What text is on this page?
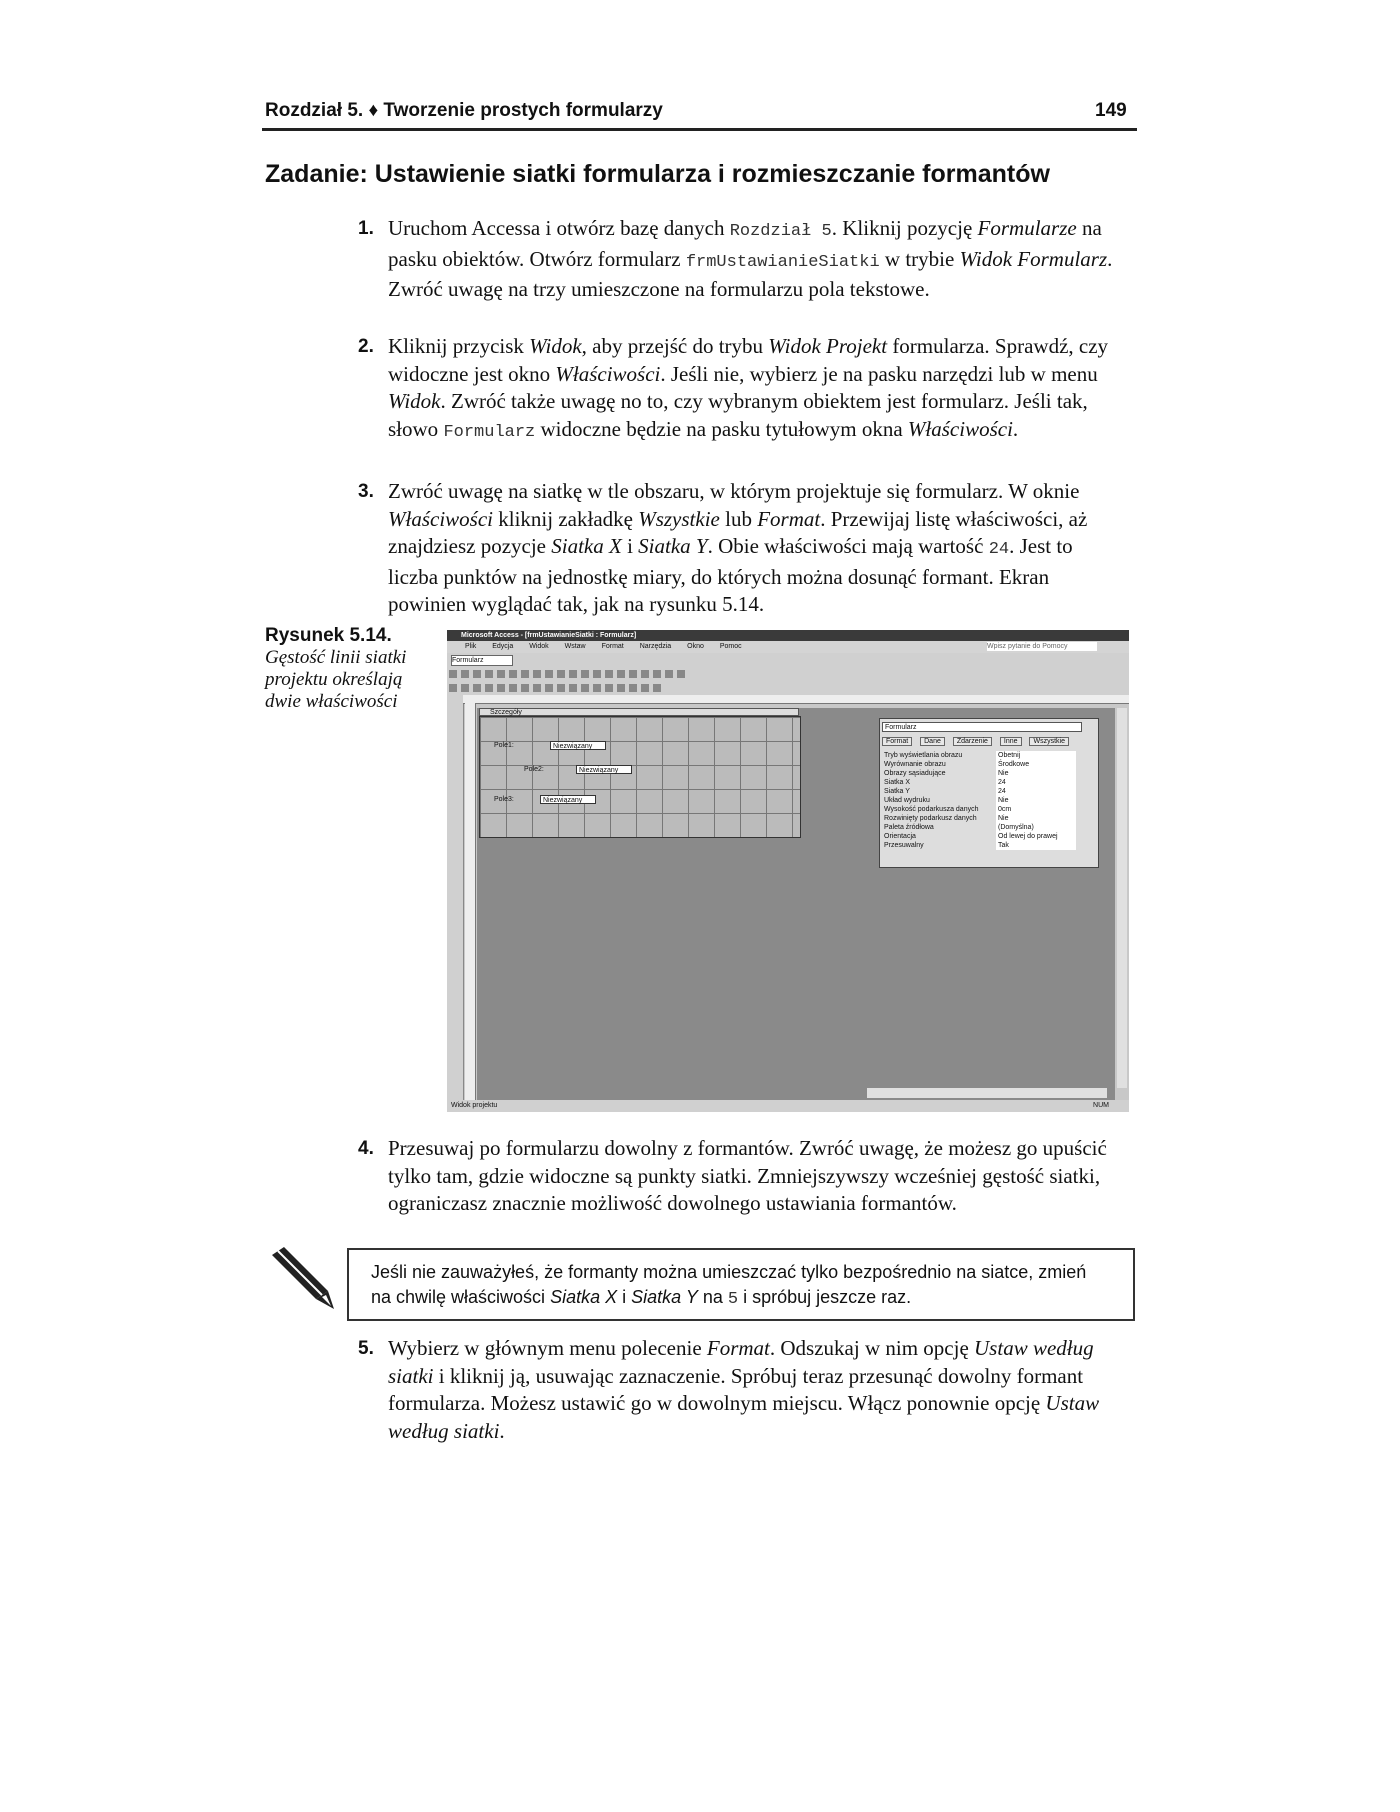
Rozdział 5. ♦ Tworzenie prostych formularzy	149
Zadanie: Ustawienie siatki formularza i rozmieszczanie formantów
1. Uruchom Accessa i otwórz bazę danych Rozdział 5. Kliknij pozycję Formularze na pasku obiektów. Otwórz formularz frmUstawianieSiatki w trybie Widok Formularz. Zwróć uwagę na trzy umieszczone na formularzu pola tekstowe.
2. Kliknij przycisk Widok, aby przejść do trybu Widok Projekt formularza. Sprawdź, czy widoczne jest okno Właściwości. Jeśli nie, wybierz je na pasku narzędzi lub w menu Widok. Zwróć także uwagę no to, czy wybranym obiektem jest formularz. Jeśli tak, słowo Formularz widoczne będzie na pasku tytułowym okna Właściwości.
3. Zwróć uwagę na siatkę w tle obszaru, w którym projektuje się formularz. W oknie Właściwości kliknij zakładkę Wszystkie lub Format. Przewijaj listę właściwości, aż znajdziesz pozycje Siatka X i Siatka Y. Obie właściwości mają wartość 24. Jest to liczba punktów na jednostkę miary, do których można dosunąć formant. Ekran powinien wyglądać tak, jak na rysunku 5.14.
Rysunek 5.14.
Gęstość linii siatki projektu określają dwie właściwości
Microsoft Access - [frmUstawianieSiatki : Formularz]
Plik Edycja Widok Wstaw Format Narzędzia Okno Pomoc	Wpisz pytanie do Pomocy
Formularz
Szczegóły
Pole1:	Niezwiązany
Pole2:	Niezwiązany
Pole3:	Niezwiązany
Formularz
Format Dane Zdarzenie Inne Wszystkie
Tryb wyświetlania obrazu	Obetnij
Wyrównanie obrazu	Środkowe
Obrazy sąsiadujące	Nie
Siatka X	24
Siatka Y	24
Układ wydruku	Nie
Wysokość podarkusza danych	0cm
Rozwinięty podarkusz danych	Nie
Paleta źródłowa	(Domyślna)
Orientacja	Od lewej do prawej
Przesuwalny	Tak
Widok projektu	NUM
4. Przesuwaj po formularzu dowolny z formantów. Zwróć uwagę, że możesz go upuścić tylko tam, gdzie widoczne są punkty siatki. Zmniejszywszy wcześniej gęstość siatki, ograniczasz znacznie możliwość dowolnego ustawiania formantów.
Jeśli nie zauważyłeś, że formanty można umieszczać tylko bezpośrednio na siatce, zmień na chwilę właściwości Siatka X i Siatka Y na 5 i spróbuj jeszcze raz.
5. Wybierz w głównym menu polecenie Format. Odszukaj w nim opcję Ustaw według siatki i kliknij ją, usuwając zaznaczenie. Spróbuj teraz przesunąć dowolny formant formularza. Możesz ustawić go w dowolnym miejscu. Włącz ponownie opcję Ustaw według siatki.
